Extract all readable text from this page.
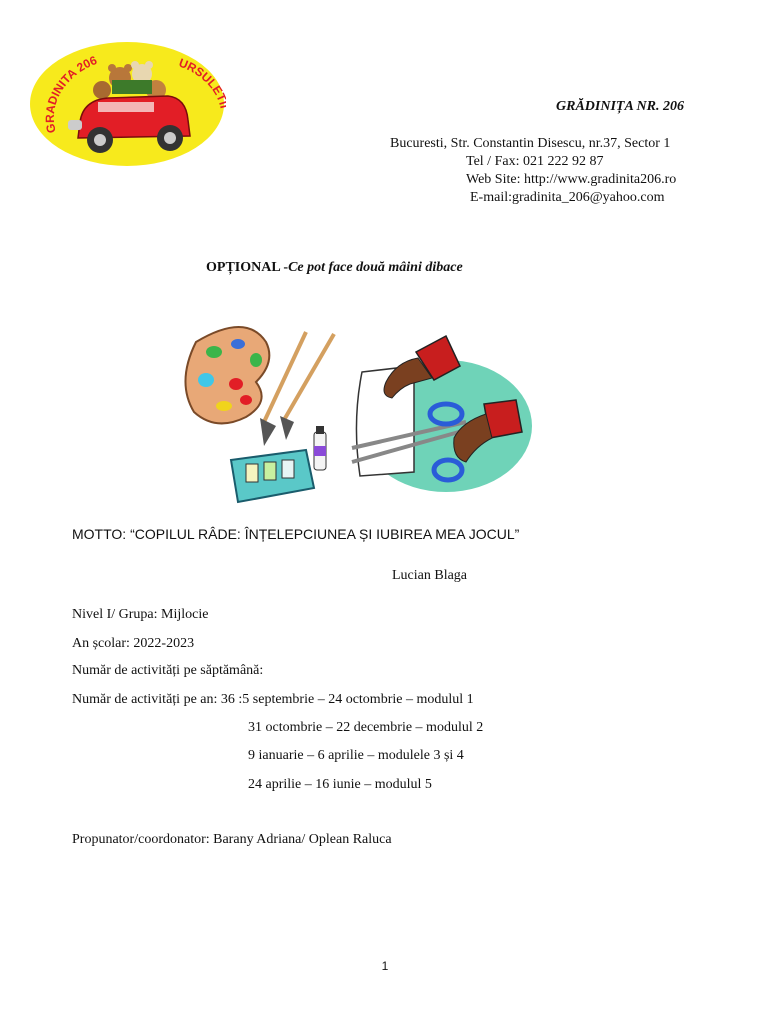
GRADINITA 206	URSULE
GRĂDINIȚA NR. 206
Bucuresti, Str. Constantin Disescu, nr.37, Sector 1
Tel / Fax: 021 222 92 87
Web Site: http://www.gradinita206.ro
E-mail:gradinita_206@yahoo.com
OPȚIONAL -Ce pot face două mâini dibace
MOTTO: “COPILUL RÂDE: ÎNȚELEPCIUNEA ȘI IUBIREA MEA JOCUL”
Lucian Blaga
Nivel I/ Grupa: Mijlocie
An școlar: 2022-2023
Număr de activități pe săptămână:
Număr de activități pe an: 36 :5 septembrie – 24 octombrie – modulul 1
31 octombrie – 22 decembrie – modulul 2
9 ianuarie – 6 aprilie – modulele 3 și 4
24 aprilie – 16 iunie – modulul 5
Propunator/coordonator: Barany Adriana/ Oplean Raluca
1
